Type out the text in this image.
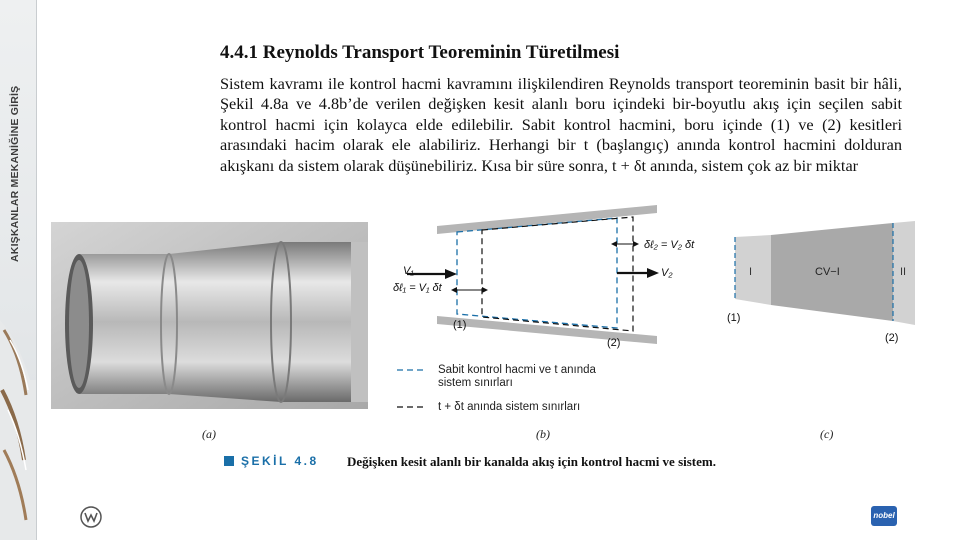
AKIŞKANLAR MEKANİĞİNE GİRİŞ
4.4.1 Reynolds Transport Teoreminin Türetilmesi

Sistem kavramı ile kontrol hacmi kavramını ilişkilendiren Reynolds transport teoreminin basit bir hâli, Şekil 4.8a ve 4.8b’de verilen değişken kesit alanlı boru içindeki bir-boyutlu akış için seçilen sabit kontrol hacmi için kolayca elde edilebilir. Sabit kontrol hacmini, boru içinde (1) ve (2) kesitleri arasındaki hacim olarak ele alabiliriz. Herhangi bir t (başlangıç) anında kontrol hacmini dolduran akışkanı da sistem olarak düşünebiliriz. Kısa bir süre sonra, t + δt anında, sistem çok az bir miktar

V₁
δℓ₁ = V₁ δt
V₂
δℓ₂ = V₂ δt
(1)
(2)
Sabit kontrol hacmi ve t anında
sistem sınırları
t + δt anında sistem sınırları
I	CV−I	II
(1)
(2)
(a)	(b)	(c)
ŞEKİL 4.8 Değişken kesit alanlı bir kanalda akış için kontrol hacmi ve sistem.
nobel
